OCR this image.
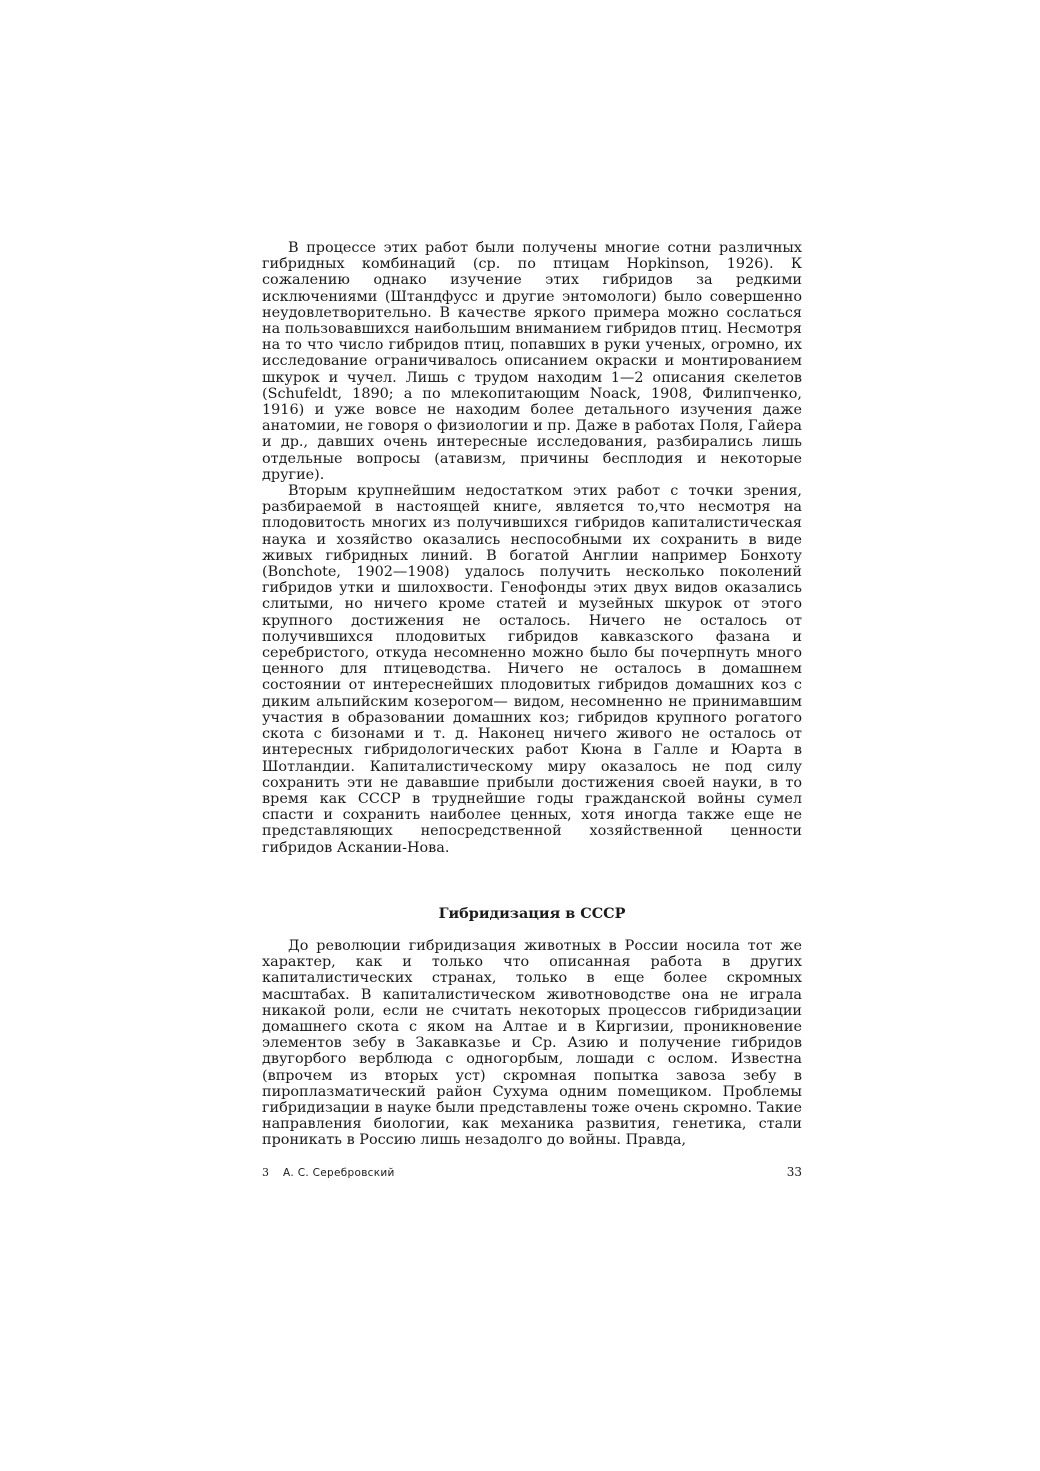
В процессе этих работ были получены многие сотни различных гибридных комбинаций (ср. по птицам Hopkinson, 1926). К сожалению однако изучение этих гибридов за редкими исключениями (Штандфусс и другие энтомологи) было совершенно неудовлетворительно. В качестве яркого примера можно сослаться на пользовавшихся наибольшим вниманием гибридов птиц. Несмотря на то что число гибридов птиц, попавших в руки ученых, огромно, их исследование ограничивалось описанием окраски и монтированием шкурок и чучел. Лишь с трудом находим 1—2 описания скелетов (Schufeldt, 1890; а по млекопитающим Noack, 1908, Филипченко, 1916) и уже вовсе не находим более детального изучения даже анатомии, не говоря о физиологии и пр. Даже в работах Поля, Гайера и др., давших очень интересные исследования, разбирались лишь отдельные вопросы (атавизм, причины бесплодия и некоторые другие).

Вторым крупнейшим недостатком этих работ с точки зрения, разбираемой в настоящей книге, является то,что несмотря на плодовитость многих из получившихся гибридов капиталистическая наука и хозяйство оказались неспособными их сохранить в виде живых гибридных линий. В богатой Англии например Бонхоту (Bonchote, 1902—1908) удалось получить несколько поколений гибридов утки и шилохвости. Генофонды этих двух видов оказались слитыми, но ничего кроме статей и музейных шкурок от этого крупного достижения не осталось. Ничего не осталось от получившихся плодовитых гибридов кавказского фазана и серебристого, откуда несомненно можно было бы почерпнуть много ценного для птицеводства. Ничего не осталось в домашнем состоянии от интереснейших плодовитых гибридов домашних коз с диким альпийским козерогом— видом, несомненно не принимавшим участия в образовании домашних коз; гибридов крупного рогатого скота с бизонами и т. д. Наконец ничего живого не осталось от интересных гибридологических работ Кюна в Галле и Юарта в Шотландии. Капиталистическому миру оказалось не под силу сохранить эти не дававшие прибыли достижения своей науки, в то время как СССР в труднейшие годы гражданской войны сумел спасти и сохранить наиболее ценных, хотя иногда также еще не представляющих непосредственной хозяйственной ценности гибридов Аскании-Нова.

Гибридизация в СССР

До революции гибридизация животных в России носила тот же характер, как и только что описанная работа в других капиталистических странах, только в еще более скромных масштабах. В капиталистическом животноводстве она не играла никакой роли, если не считать некоторых процессов гибридизации домашнего скота с яком на Алтае и в Киргизии, проникновение элементов зебу в Закавказье и Ср. Азию и получение гибридов двугорбого верблюда с одногорбым, лошади с ослом. Известна (впрочем из вторых уст) скромная попытка завоза зебу в пироплазматический район Сухума одним помещиком. Проблемы гибридизации в науке были представлены тоже очень скромно. Такие направления биологии, как механика развития, генетика, стали проникать в Россию лишь незадолго до войны. Правда,

3 А. С. Серебровский	33
